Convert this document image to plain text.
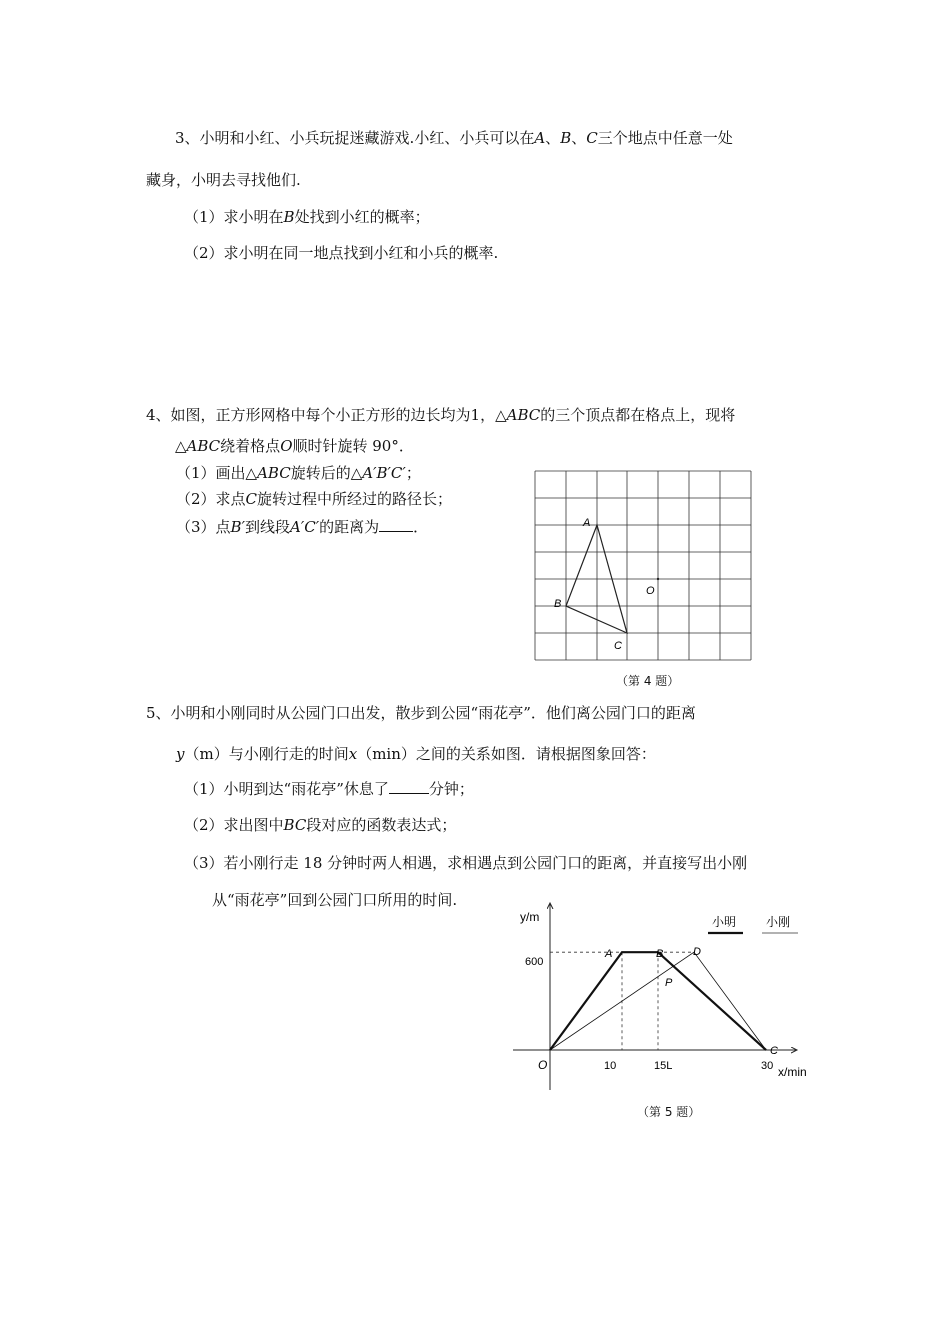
3、小明和小红、小兵玩捉迷藏游戏.小红、小兵可以在A、B、C三个地点中任意一处
藏身，小明去寻找他们.
（1）求小明在B处找到小红的概率；
（2）求小明在同一地点找到小红和小兵的概率.
4、如图，正方形网格中每个小正方形的边长均为1，△ABC的三个顶点都在格点上，现将
△ABC绕着格点O顺时针旋转 90°．
（1）画出△ABC旋转后的△A′B′C′；
（2）求点C旋转过程中所经过的路径长；
（3）点B′到线段A′C′的距离为 ．	A
B
C
O
（第 4 题）
5、小明和小刚同时从公园门口出发，散步到公园“雨花亭”．他们离公园门口的距离
y（m）与小刚行走的时间x（min）之间的关系如图．请根据图象回答：
（1）小明到达“雨花亭”休息了	分钟；
（2）求出图中BC段对应的函数表达式；
（3）若小刚行走 18 分钟时两人相遇，求相遇点到公园门口的距离，并直接写出小刚
从“雨花亭”回到公园门口所用的时间.
y/m
x/min
O
600
10	15L	30
A	B
C
D
P
小明 小刚
（第 5 题）
